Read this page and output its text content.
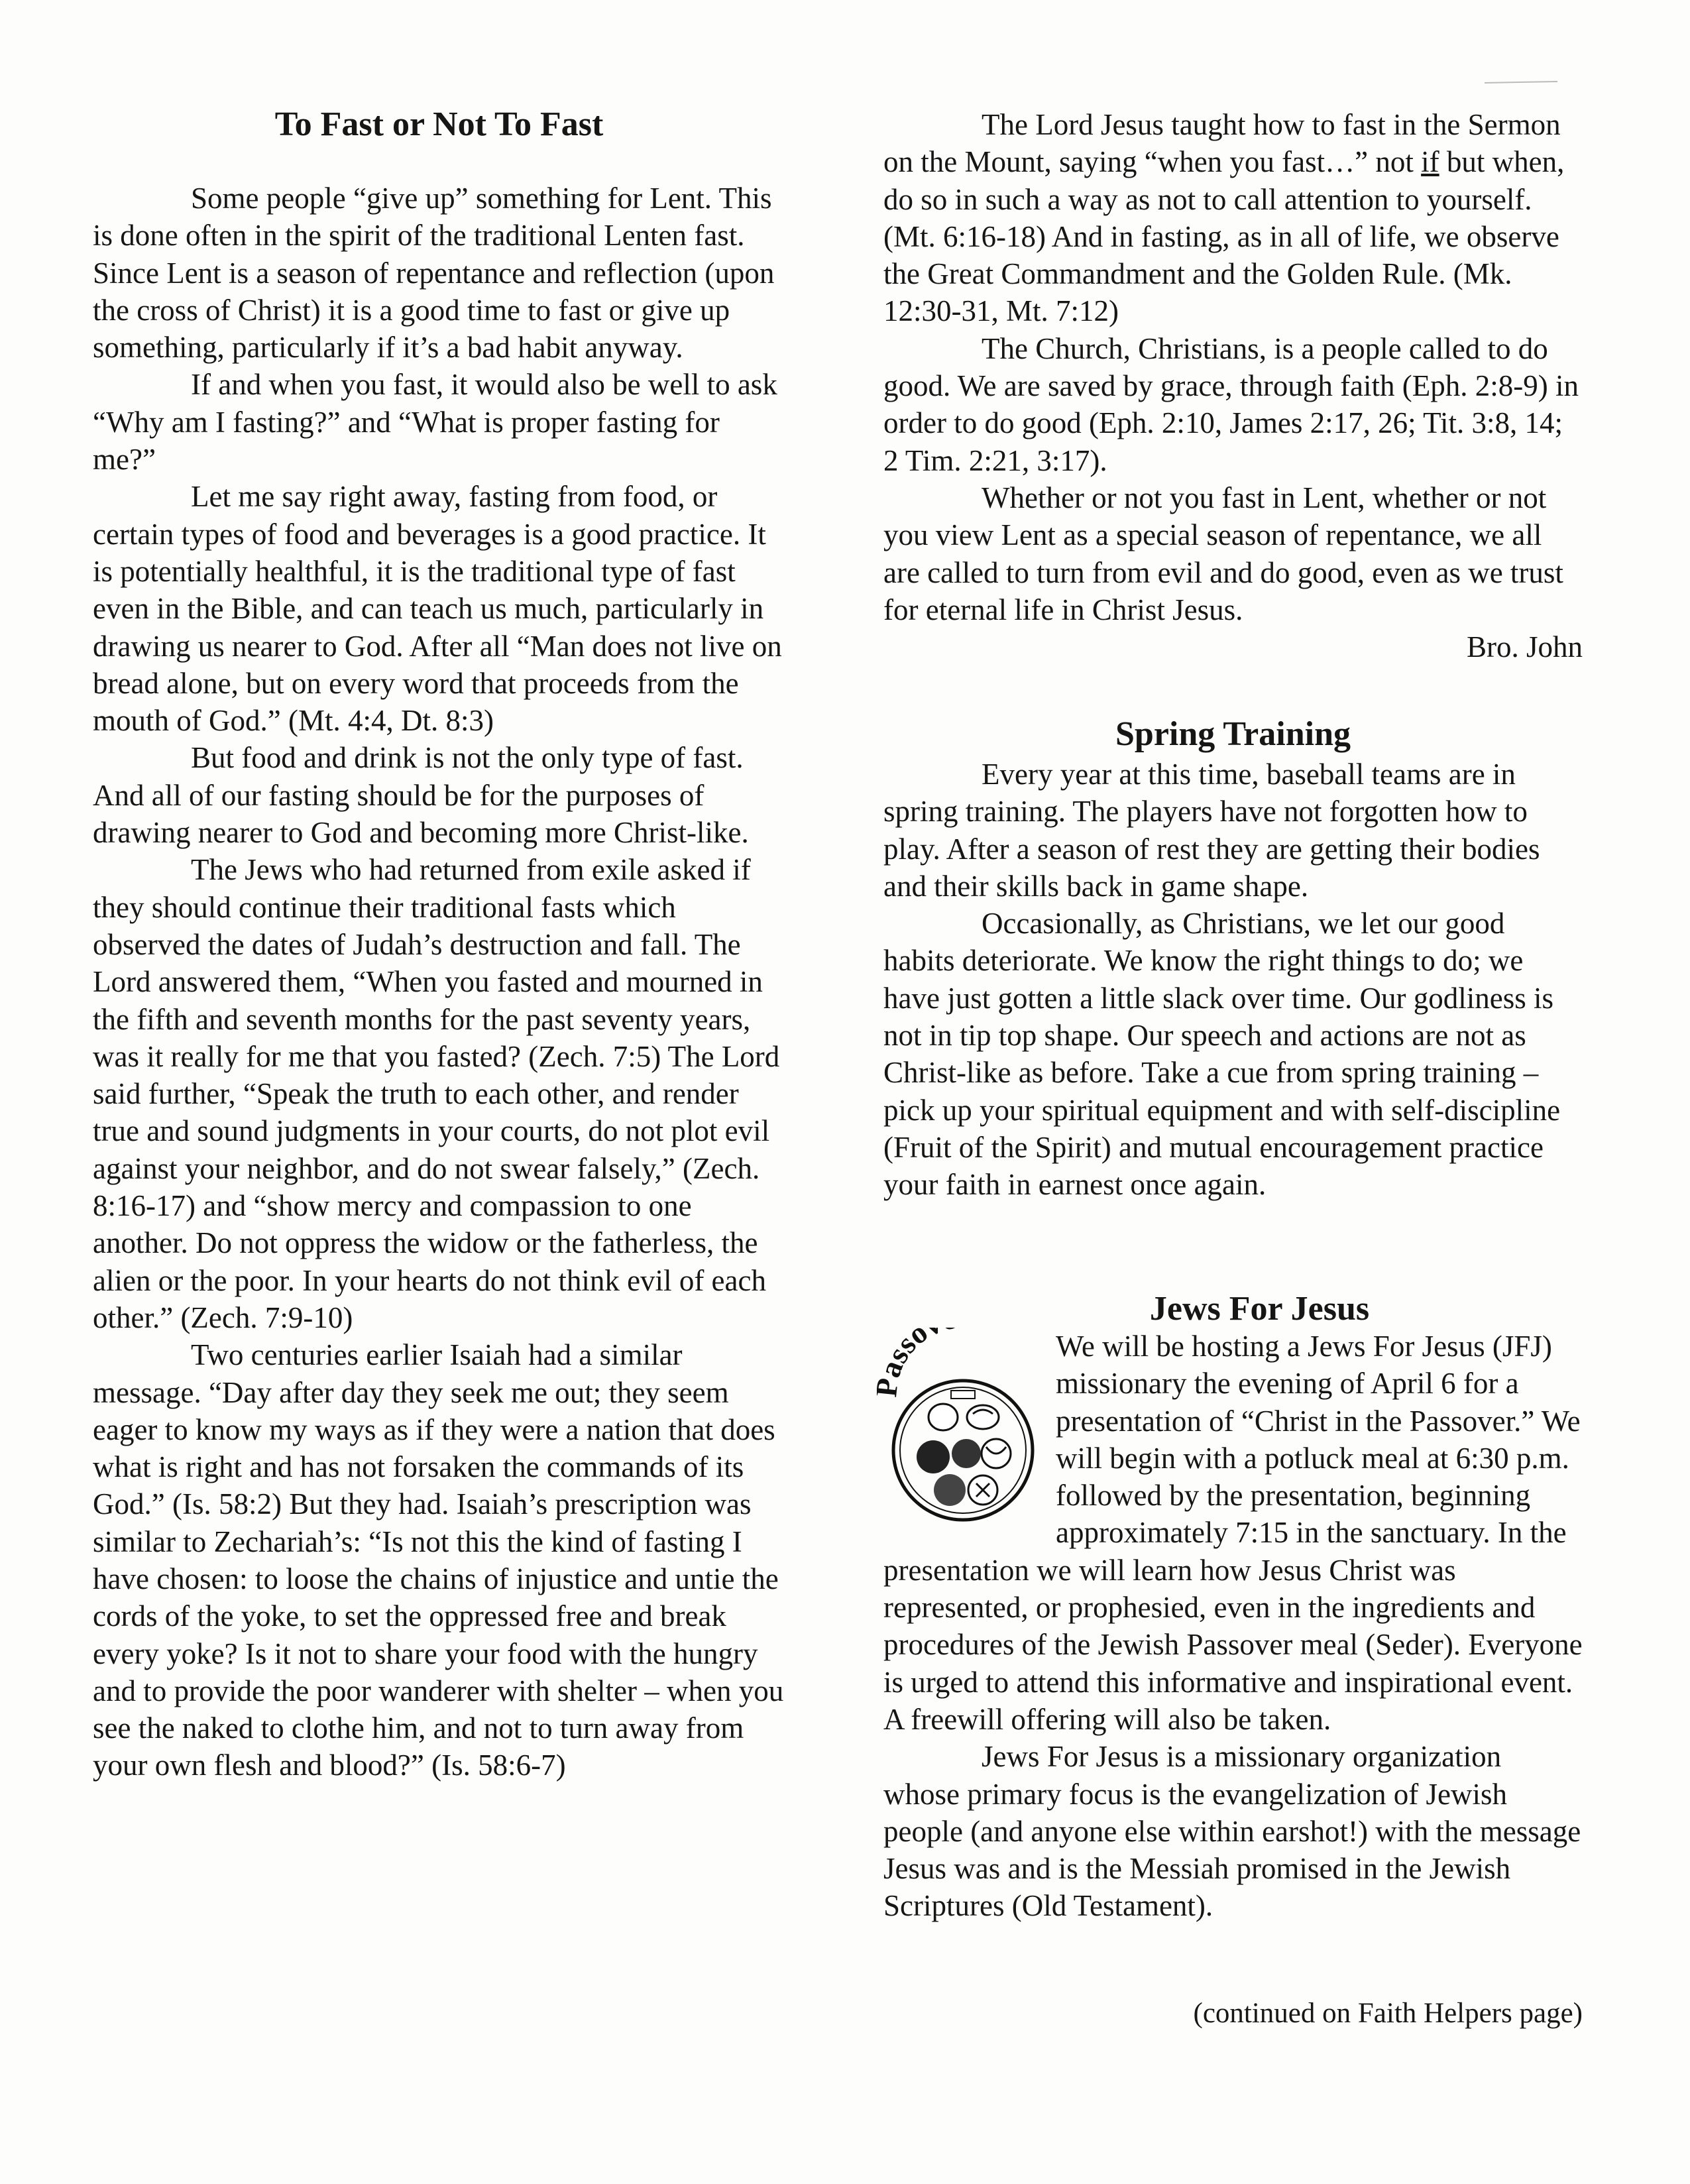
To Fast or Not To Fast

Some people “give up” something for Lent. This is done often in the spirit of the traditional Lenten fast. Since Lent is a season of repentance and reflection (upon the cross of Christ) it is a good time to fast or give up something, particularly if it’s a bad habit anyway.

If and when you fast, it would also be well to ask “Why am I fasting?” and “What is proper fasting for me?”

Let me say right away, fasting from food, or certain types of food and beverages is a good practice. It is potentially healthful, it is the traditional type of fast even in the Bible, and can teach us much, particularly in drawing us nearer to God. After all “Man does not live on bread alone, but on every word that proceeds from the mouth of God.” (Mt. 4:4, Dt. 8:3)

But food and drink is not the only type of fast. And all of our fasting should be for the purposes of drawing nearer to God and becoming more Christ-like.

The Jews who had returned from exile asked if they should continue their traditional fasts which observed the dates of Judah’s destruction and fall. The Lord answered them, “When you fasted and mourned in the fifth and seventh months for the past seventy years, was it really for me that you fasted? (Zech. 7:5) The Lord said further, “Speak the truth to each other, and render true and sound judgments in your courts, do not plot evil against your neighbor, and do not swear falsely,” (Zech. 8:16-17) and “show mercy and compassion to one another. Do not oppress the widow or the fatherless, the alien or the poor. In your hearts do not think evil of each other.” (Zech. 7:9-10)

Two centuries earlier Isaiah had a similar message. “Day after day they seek me out; they seem eager to know my ways as if they were a nation that does what is right and has not forsaken the commands of its God.” (Is. 58:2) But they had. Isaiah’s prescription was similar to Zechariah’s: “Is not this the kind of fasting I have chosen: to loose the chains of injustice and untie the cords of the yoke, to set the oppressed free and break every yoke? Is it not to share your food with the hungry and to provide the poor wanderer with shelter – when you see the naked to clothe him, and not to turn away from your own flesh and blood?” (Is. 58:6-7)

The Lord Jesus taught how to fast in the Sermon on the Mount, saying “when you fast…” not if but when, do so in such a way as not to call attention to yourself. (Mt. 6:16-18) And in fasting, as in all of life, we observe the Great Commandment and the Golden Rule. (Mk. 12:30-31, Mt. 7:12)

The Church, Christians, is a people called to do good. We are saved by grace, through faith (Eph. 2:8-9) in order to do good (Eph. 2:10, James 2:17, 26; Tit. 3:8, 14; 2 Tim. 2:21, 3:17).

Whether or not you fast in Lent, whether or not you view Lent as a special season of repentance, we all are called to turn from evil and do good, even as we trust for eternal life in Christ Jesus.

Bro. John
Spring Training

Every year at this time, baseball teams are in spring training. The players have not forgotten how to play. After a season of rest they are getting their bodies and their skills back in game shape.

Occasionally, as Christians, we let our good habits deteriorate. We know the right things to do; we have just gotten a little slack over time. Our godliness is not in tip top shape. Our speech and actions are not as Christ-like as before. Take a cue from spring training – pick up your spiritual equipment and with self-discipline (Fruit of the Spirit) and mutual encouragement practice your faith in earnest once again.

Jews For Jesus
sso	We will be hosting a Jews For Jesus (JFJ) missionary the evening of April 6 for a presentation of “Christ in the Passover.” We will begin with a potluck meal at 6:30 p.m. followed by the presentation, beginning approximately 7:15 in the sanctuary. In the presentation we will learn how Jesus Christ was represented, or prophesied, even in the ingredients and procedures of the Jewish Passover meal (Seder). Everyone is urged to attend this informative and inspirational event. A freewill offering will also be taken.

Jews For Jesus is a missionary organization whose primary focus is the evangelization of Jewish people (and anyone else within earshot!) with the message Jesus was and is the Messiah promised in the Jewish Scriptures (Old Testament).

(continued on Faith Helpers page)
